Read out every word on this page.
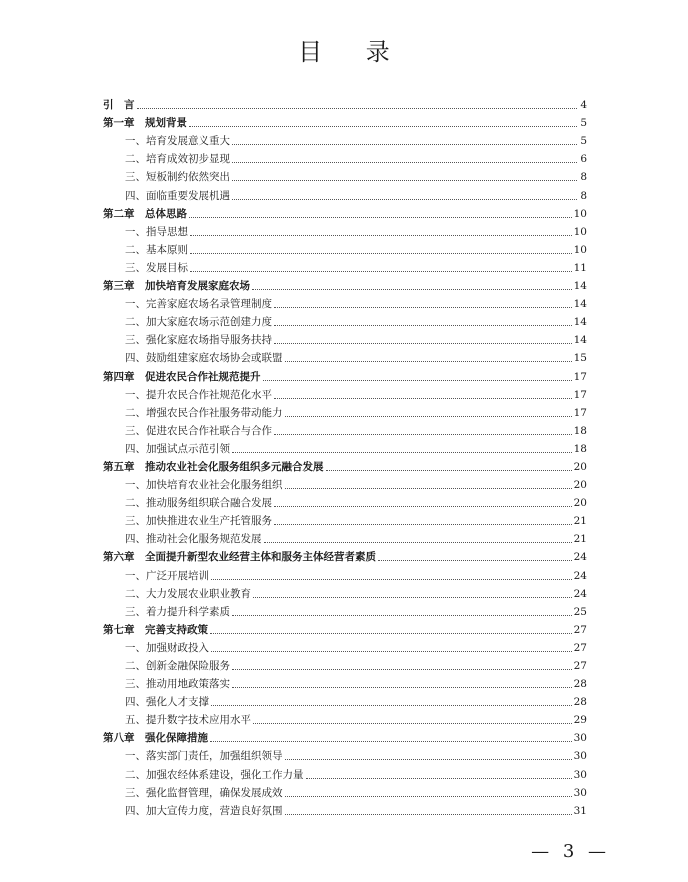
目 录
引　言	4
第一章　规划背景	5
一、培育发展意义重大	5
二、培育成效初步显现	6
三、短板制约依然突出	8
四、面临重要发展机遇	8
第二章　总体思路	10
一、指导思想	10
二、基本原则	10
三、发展目标	11
第三章　加快培育发展家庭农场	14
一、完善家庭农场名录管理制度	14
二、加大家庭农场示范创建力度	14
三、强化家庭农场指导服务扶持	14
四、鼓励组建家庭农场协会或联盟	15
第四章　促进农民合作社规范提升	17
一、提升农民合作社规范化水平	17
二、增强农民合作社服务带动能力	17
三、促进农民合作社联合与合作	18
四、加强试点示范引领	18
第五章　推动农业社会化服务组织多元融合发展	20
一、加快培育农业社会化服务组织	20
二、推动服务组织联合融合发展	20
三、加快推进农业生产托管服务	21
四、推动社会化服务规范发展	21
第六章　全面提升新型农业经营主体和服务主体经营者素质	24
一、广泛开展培训	24
二、大力发展农业职业教育	24
三、着力提升科学素质	25
第七章　完善支持政策	27
一、加强财政投入	27
二、创新金融保险服务	27
三、推动用地政策落实	28
四、强化人才支撑	28
五、提升数字技术应用水平	29
第八章　强化保障措施	30
一、落实部门责任，加强组织领导	30
二、加强农经体系建设，强化工作力量	30
三、强化监督管理，确保发展成效	30
四、加大宣传力度，营造良好氛围	31
— 3 —
